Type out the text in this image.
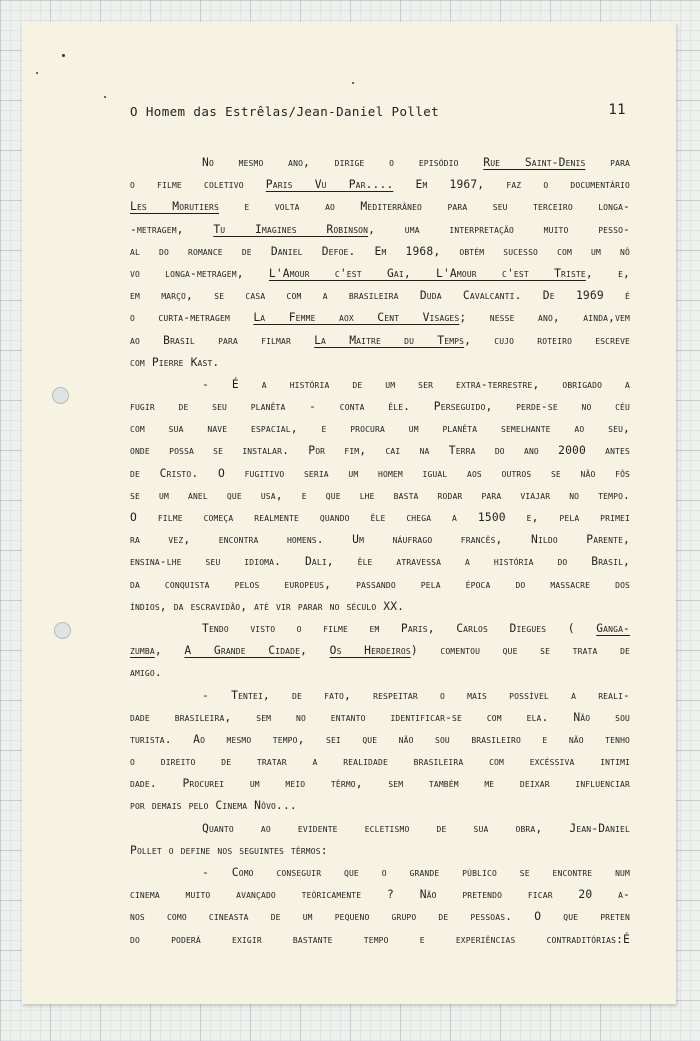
O Homem das Estrêlas/Jean-Daniel Pollet	11
No mesmo ano, dirige o episódio Rue Saint-Denis para
o filme coletivo Paris Vu Par.... Em 1967, faz o documentário
Les Morutiers e volta ao Mediterrâneo para seu terceiro longa-
-metragem, Tu Imagines Robinson, uma interpretação muito pesso-
al do romance de Daniel Defoe. Em 1968, obtém sucesso com um nô
vo longa-metragem, L'Amour c'est Gai, L'Amour c'est Triste, e,
em março, se casa com a brasileira Duda Cavalcanti. De 1969 é
o curta-metragem La Femme aox Cent Visages; nesse ano, ainda,vem
ao Brasil para filmar La Maitre du Temps, cujo roteiro escreve
com Pierre Kast.
- É a história de um ser extra-terrestre, obrigado a
fugir de seu planêta - conta êle. Perseguido, perde-se no céu
com sua nave espacial, e procura um planêta semelhante ao seu,
onde possa se instalar. Por fim, cai na Terra do ano 2000 antes
de Cristo. O fugitivo seria um homem igual aos outros se não fôs
se um anel que usa, e que lhe basta rodar para viajar no tempo.
O filme começa realmente quando êle chega a 1500 e, pela primei
ra vez, encontra homens. Um náufrago francês, Nildo Parente,
ensina-lhe seu idioma. Dali, êle atravessa a história do Brasil,
da conquista pelos europeus, passando pela época do massacre dos
índios, da escravidão, até vir parar no século XX.
Tendo visto o filme em Paris, Carlos Diegues ( Ganga-
zumba, A Grande Cidade, Os Herdeiros) comentou que se trata de
amigo.
- Tentei, de fato, respeitar o mais possível a reali-
dade brasileira, sem no entanto identificar-se com ela. Não sou
turista. Ao mesmo tempo, sei que não sou brasileiro e não tenho
o direito de tratar a realidade brasileira com excéssiva intimi
dade. Procurei um meio têrmo, sem também me deixar influenciar
por demais pelo Cinema Nôvo...
Quanto ao evidente ecletismo de sua obra, Jean-Daniel
Pollet o define nos seguintes têrmos:
- Como conseguir que o grande público se encontre num
cinema muito avançado teòricamente ? Não pretendo ficar 20 a-
nos como cineasta de um pequeno grupo de pessoas. O que preten
do poderá exigir bastante tempo e experiências contraditórias:É
